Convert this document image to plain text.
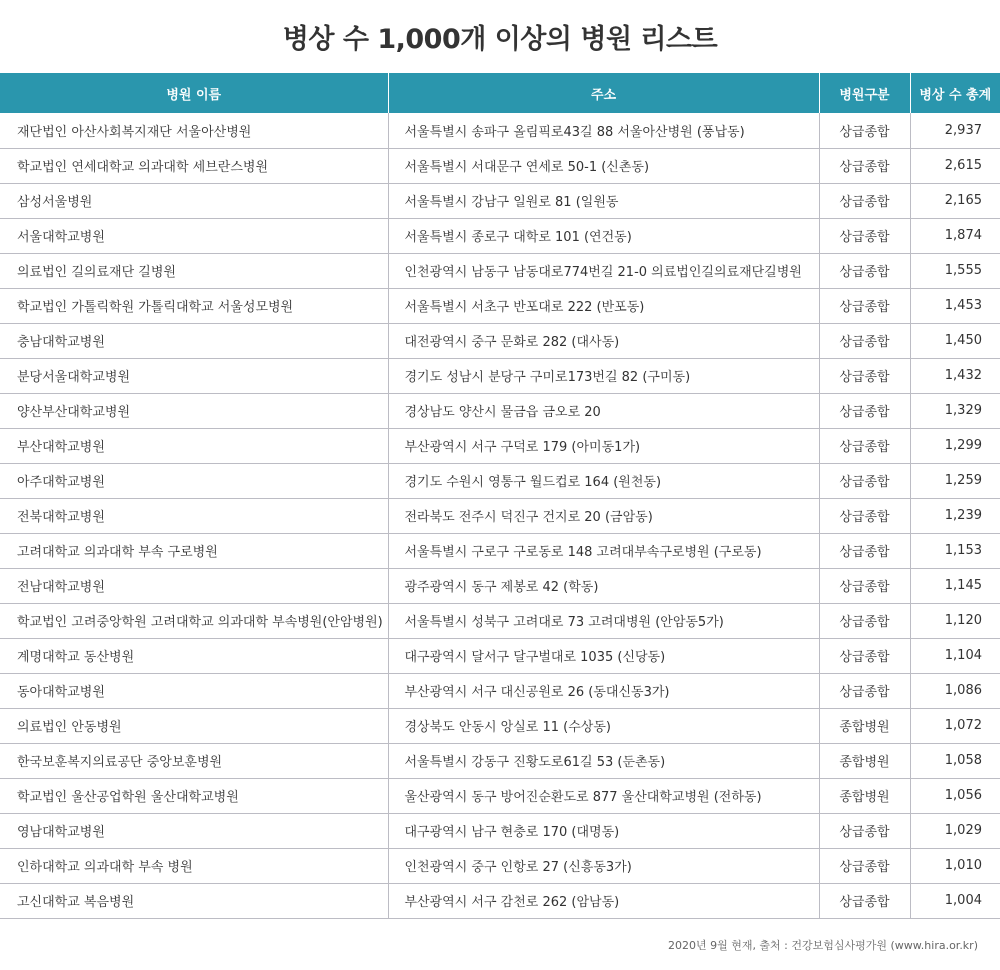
병상 수 1,000개 이상의 병원 리스트
병원 이름	주소	병원구분	병상 수 총계
재단법인 아산사회복지재단 서울아산병원	서울특별시 송파구 올림픽로43길 88 서울아산병원 (풍납동)	상급종합	2,937
학교법인 연세대학교 의과대학 세브란스병원	서울특별시 서대문구 연세로 50-1 (신촌동)	상급종합	2,615
삼성서울병원	서울특별시 강남구 일원로 81 (일원동	상급종합	2,165
서울대학교병원	서울특별시 종로구 대학로 101 (연건동)	상급종합	1,874
의료법인 길의료재단 길병원	인천광역시 남동구 남동대로774번길 21-0 의료법인길의료재단길병원	상급종합	1,555
학교법인 가톨릭학원 가톨릭대학교 서울성모병원	서울특별시 서초구 반포대로 222 (반포동)	상급종합	1,453
충남대학교병원	대전광역시 중구 문화로 282 (대사동)	상급종합	1,450
분당서울대학교병원	경기도 성남시 분당구 구미로173번길 82 (구미동)	상급종합	1,432
양산부산대학교병원	경상남도 양산시 물금읍 금오로 20	상급종합	1,329
부산대학교병원	부산광역시 서구 구덕로 179 (아미동1가)	상급종합	1,299
아주대학교병원	경기도 수원시 영통구 월드컵로 164 (원천동)	상급종합	1,259
전북대학교병원	전라북도 전주시 덕진구 건지로 20 (금암동)	상급종합	1,239
고려대학교 의과대학 부속 구로병원	서울특별시 구로구 구로동로 148 고려대부속구로병원 (구로동)	상급종합	1,153
전남대학교병원	광주광역시 동구 제봉로 42 (학동)	상급종합	1,145
학교법인 고려중앙학원 고려대학교 의과대학 부속병원(안암병원)	서울특별시 성북구 고려대로 73 고려대병원 (안암동5가)	상급종합	1,120
계명대학교 동산병원	대구광역시 달서구 달구벌대로 1035 (신당동)	상급종합	1,104
동아대학교병원	부산광역시 서구 대신공원로 26 (동대신동3가)	상급종합	1,086
의료법인 안동병원	경상북도 안동시 앙실로 11 (수상동)	종합병원	1,072
한국보훈복지의료공단 중앙보훈병원	서울특별시 강동구 진황도로61길 53 (둔촌동)	종합병원	1,058
학교법인 울산공업학원 울산대학교병원	울산광역시 동구 방어진순환도로 877 울산대학교병원 (전하동)	종합병원	1,056
영남대학교병원	대구광역시 남구 현충로 170 (대명동)	상급종합	1,029
인하대학교 의과대학 부속 병원	인천광역시 중구 인항로 27 (신흥동3가)	상급종합	1,010
고신대학교 복음병원	부산광역시 서구 감천로 262 (암남동)	상급종합	1,004
2020년 9월 현재, 출처 : 건강보험심사평가원 (www.hira.or.kr)
